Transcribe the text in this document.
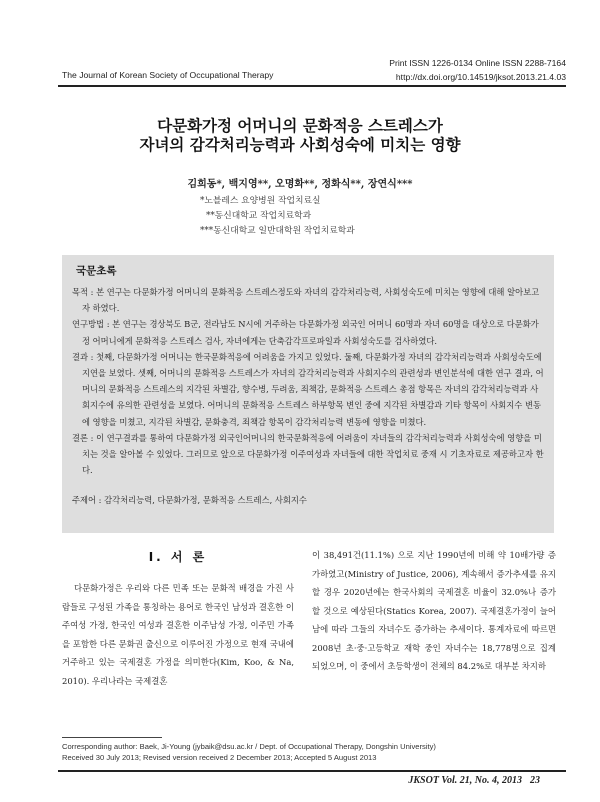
Print ISSN 1226-0134 Online ISSN 2288-7164
http://dx.doi.org/10.14519/jksot.2013.21.4.03
The Journal of Korean Society of Occupational Therapy
다문화가정 어머니의 문화적응 스트레스가
자녀의 감각처리능력과 사회성숙에 미치는 영향
김희동*, 백지영**, 오명화**, 정화식**, 장연식***
*노블레스 요양병원 작업치료실
**동신대학교 작업치료학과
***동신대학교 일반대학원 작업치료학과
국문초록

목적 : 본 연구는 다문화가정 어머니의 문화적응 스트레스정도와 자녀의 감각처리능력, 사회성숙도에 미치는 영향에 대해 알아보고자 하였다.

연구방법 : 본 연구는 경상북도 B군, 전라남도 N시에 거주하는 다문화가정 외국인 어머니 60명과 자녀 60명을 대상으로 다문화가정 어머니에게 문화적응 스트레스 검사, 자녀에게는 단축감각프로파일과 사회성숙도를 검사하였다.

결과 : 첫째, 다문화가정 어머니는 한국문화적응에 어려움을 가지고 있었다. 둘째, 다문화가정 자녀의 감각처리능력과 사회성숙도에 지연을 보였다. 셋째, 어머니의 문화적응 스트레스가 자녀의 감각처리능력과 사회지수의 관련성과 변인분석에 대한 연구 결과, 어머니의 문화적응 스트레스의 지각된 차별감, 향수병, 두려움, 죄책감, 문화적응 스트레스 총점 항목은 자녀의 감각처리능력과 사회지수에 유의한 관련성을 보였다. 어머니의 문화적응 스트레스 하부항목 변인 중에 지각된 차별감과 기타 항목이 사회지수 변동에 영향을 미쳤고, 지각된 차별감, 문화충격, 죄책감 항목이 감각처리능력 변동에 영향을 미쳤다.

결론 : 이 연구결과를 통하여 다문화가정 외국인어머니의 한국문화적응에 어려움이 자녀들의 감각처리능력과 사회성숙에 영향을 미치는 것을 알아볼 수 있었다. 그러므로 앞으로 다문화가정 이주여성과 자녀들에 대한 작업치료 중재 시 기초자료로 제공하고자 한다.

주제어 : 감각처리능력, 다문화가정, 문화적응 스트레스, 사회지수
Ⅰ. 서 론

다문화가정은 우리와 다른 민족 또는 문화적 배경을 가진 사람들로 구성된 가족을 통칭하는 용어로 한국인 남성과 결혼한 이주여성 가정, 한국인 여성과 결혼한 이주남성 가정, 이주민 가족을 포함한 다른 문화권 출신으로 이루어진 가정으로 현재 국내에 거주하고 있는 국제결혼 가정을 의미한다(Kim, Koo, & Na, 2010). 우리나라는 국제결혼

이 38,491건(11.1%) 으로 지난 1990년에 비해 약 10배가량 증가하였고(Ministry of Justice, 2006), 계속해서 증가추세를 유지할 경우 2020년에는 한국사회의 국제결혼 비율이 32.0%나 증가할 것으로 예상된다(Statics Korea, 2007). 국제결혼가정이 늘어남에 따라 그들의 자녀수도 증가하는 추세이다. 통계자료에 따르면 2008년 초·중·고등학교 재학 중인 자녀수는 18,778명으로 집계 되었으며, 이 중에서 초등학생이 전체의 84.2%로 대부분 차지하

Corresponding author: Baek, Ji-Young (jybaik@dsu.ac.kr / Dept. of Occupational Therapy, Dongshin University)
Received 30 July 2013; Revised version received 2 December 2013; Accepted 5 August 2013
JKSOT Vol. 21, No. 4, 2013 23
